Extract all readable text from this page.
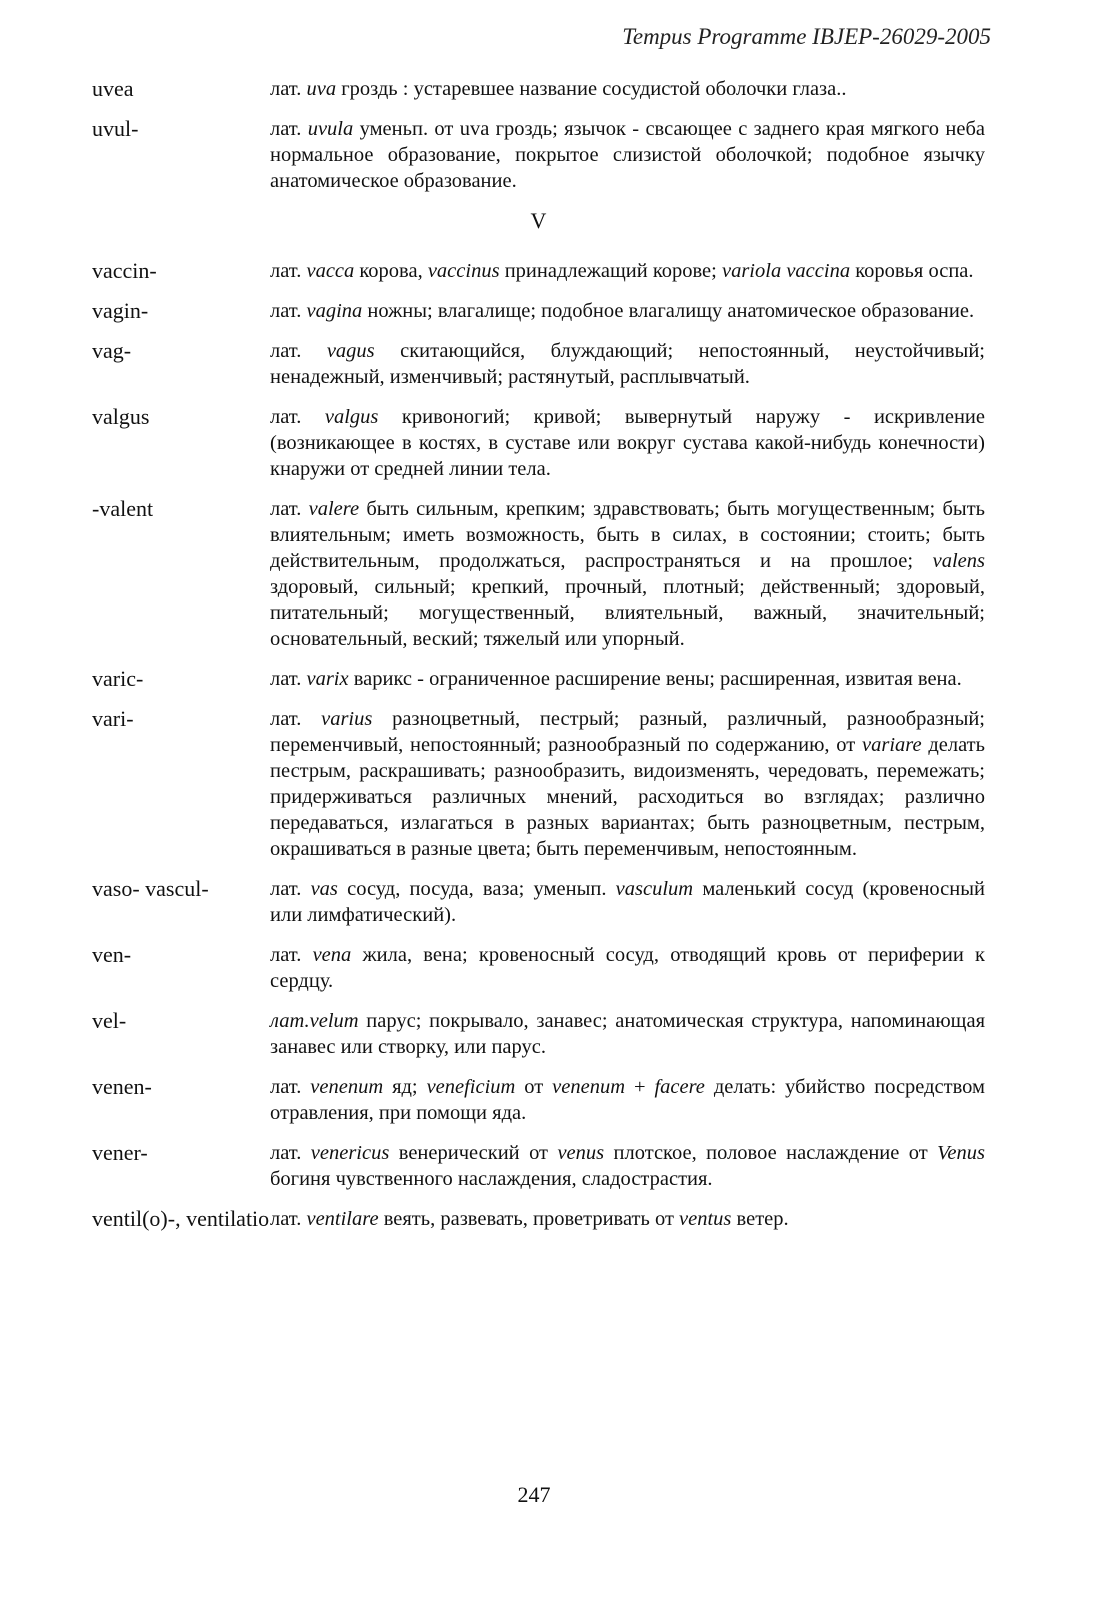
Tempus Programme IBJEP-26029-2005
uvea	лат. uva гроздь : устаревшее название сосудистой оболочки глаза..
uvul-	лат. uvula уменьп. от uva гроздь; язычок - свсающее с заднего края мягкого неба нормальное образование, покрытое слизистой оболочкой; подобное язычку анатомическое образование.
V
vaccin-	лат. vacca корова, vaccinus принадлежащий корове; variola vaccina коровья оспа.
vagin-	лат. vagina ножны; влагалище; подобное влагалищу анатомическое образование.
vag-	лат. vagus скитающийся, блуждающий; непостоянный, неустойчивый; ненадежный, изменчивый; растянутый, расплывчатый.
valgus	лат. valgus кривоногий; кривой; вывернутый наружу - искривление (возникающее в костях, в суставе или вокруг сустава какой-нибудь конечности) кнаружи от средней линии тела.
-valent	лат. valere быть сильным, крепким; здравствовать; быть могущественным; быть влиятельным; иметь возможность, быть в силах, в состоянии; стоить; быть действительным, продолжаться, распространяться и на прошлое; valens здоровый, сильный; крепкий, прочный, плотный; действенный; здоровый, питательный; могущественный, влиятельный, важный, значительный; основательный, веский; тяжелый или упорный.
varic-	лат. varix варикс - ограниченное расширение вены; расширенная, извитая вена.
vari-	лат. varius разноцветный, пестрый; разный, различный, разнообразный; переменчивый, непостоянный; разнообразный по содержанию, от variare делать пестрым, раскрашивать; разнообразить, видоизменять, чередовать, перемежать; придерживаться различных мнений, расходиться во взглядах; различно передаваться, излагаться в разных вариантах; быть разноцветным, пестрым, окрашиваться в разные цвета; быть переменчивым, непостоянным.
vaso- vascul-	лат. vas сосуд, посуда, ваза; уменып. vasculum маленький сосуд (кровеносный или лимфатический).
ven-	лат. vena жила, вена; кровеносный сосуд, отводящий кровь от периферии к сердцу.
vel-	лат.velum парус; покрывало, занавес; анатомическая структура, напоминающая занавес или створку, или парус.
venen-	лат. venenum яд; veneficium от venenum + facere делать: убийство посредством отравления, при помощи яда.
vener-	лат. venericus венерический от venus плотское, половое наслаждение от Venus богиня чувственного наслаждения, сладострастия.
ventil(o)-, ventilatio лат. ventilare веять, развевать, проветривать от ventus ветер.
247
